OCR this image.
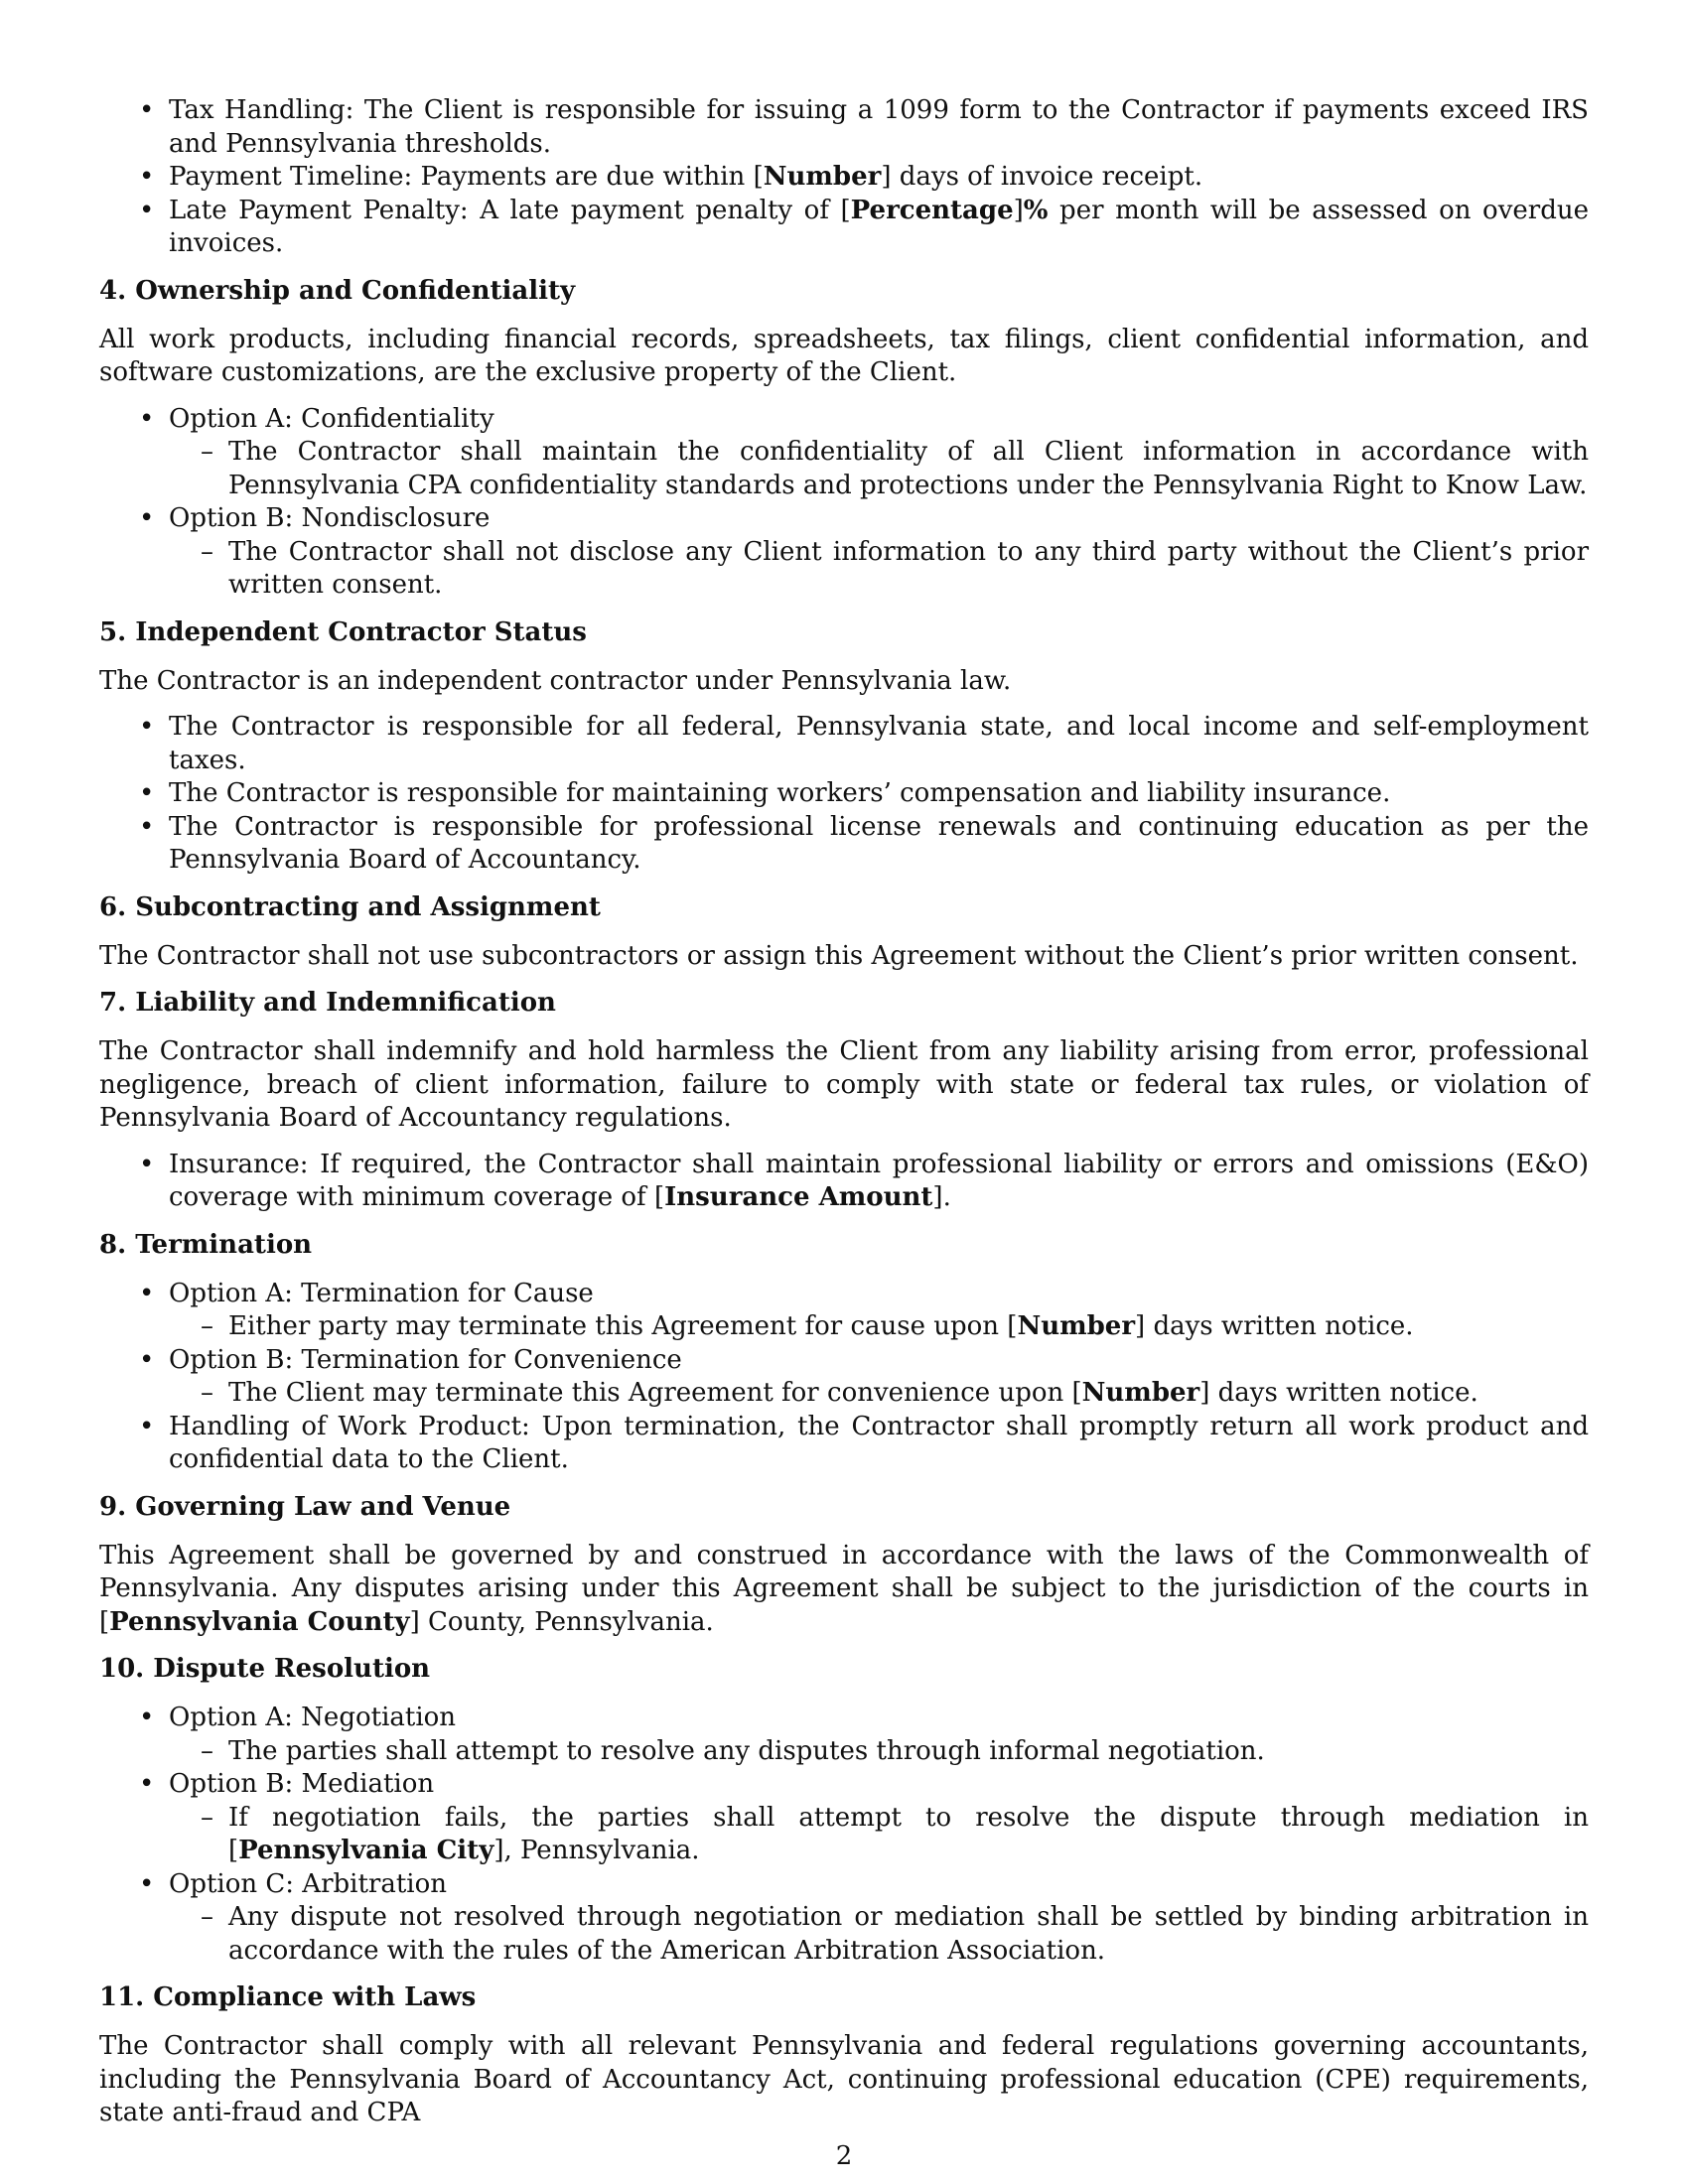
• Tax Handling: The Client is responsible for issuing a 1099 form to the Contractor if payments exceed IRS and Pennsylvania thresholds.
• Payment Timeline: Payments are due within [Number] days of invoice receipt.
• Late Payment Penalty: A late payment penalty of [Percentage]% per month will be assessed on overdue invoices.
4. Ownership and Confidentiality

All work products, including financial records, spreadsheets, tax filings, client confidential information, and software customizations, are the exclusive property of the Client.

• Option A: Confidentiality
– The Contractor shall maintain the confidentiality of all Client information in accordance with Pennsylvania CPA confidentiality standards and protections under the Pennsylvania Right to Know Law.
• Option B: Nondisclosure
– The Contractor shall not disclose any Client information to any third party without the Client’s prior written consent.
5. Independent Contractor Status

The Contractor is an independent contractor under Pennsylvania law.

• The Contractor is responsible for all federal, Pennsylvania state, and local income and self-employment taxes.
• The Contractor is responsible for maintaining workers’ compensation and liability insurance.
• The Contractor is responsible for professional license renewals and continuing education as per the Pennsylvania Board of Accountancy.
6. Subcontracting and Assignment

The Contractor shall not use subcontractors or assign this Agreement without the Client’s prior written consent.

7. Liability and Indemnification

The Contractor shall indemnify and hold harmless the Client from any liability arising from error, professional negligence, breach of client information, failure to comply with state or federal tax rules, or violation of Pennsylvania Board of Accountancy regulations.

• Insurance: If required, the Contractor shall maintain professional liability or errors and omissions (E&O) coverage with minimum coverage of [Insurance Amount].
8. Termination
• Option A: Termination for Cause
– Either party may terminate this Agreement for cause upon [Number] days written notice.
• Option B: Termination for Convenience
– The Client may terminate this Agreement for convenience upon [Number] days written notice.
• Handling of Work Product: Upon termination, the Contractor shall promptly return all work product and confidential data to the Client.
9. Governing Law and Venue

This Agreement shall be governed by and construed in accordance with the laws of the Commonwealth of Pennsylvania. Any disputes arising under this Agreement shall be subject to the jurisdiction of the courts in [Pennsylvania County] County, Pennsylvania.

10. Dispute Resolution
• Option A: Negotiation
– The parties shall attempt to resolve any disputes through informal negotiation.
• Option B: Mediation
– If negotiation fails, the parties shall attempt to resolve the dispute through mediation in [Pennsylvania City], Pennsylvania.
• Option C: Arbitration
– Any dispute not resolved through negotiation or mediation shall be settled by binding arbitration in accordance with the rules of the American Arbitration Association.
11. Compliance with Laws

The Contractor shall comply with all relevant Pennsylvania and federal regulations governing accountants, including the Pennsylvania Board of Accountancy Act, continuing professional education (CPE) requirements, state anti-fraud and CPA

2
